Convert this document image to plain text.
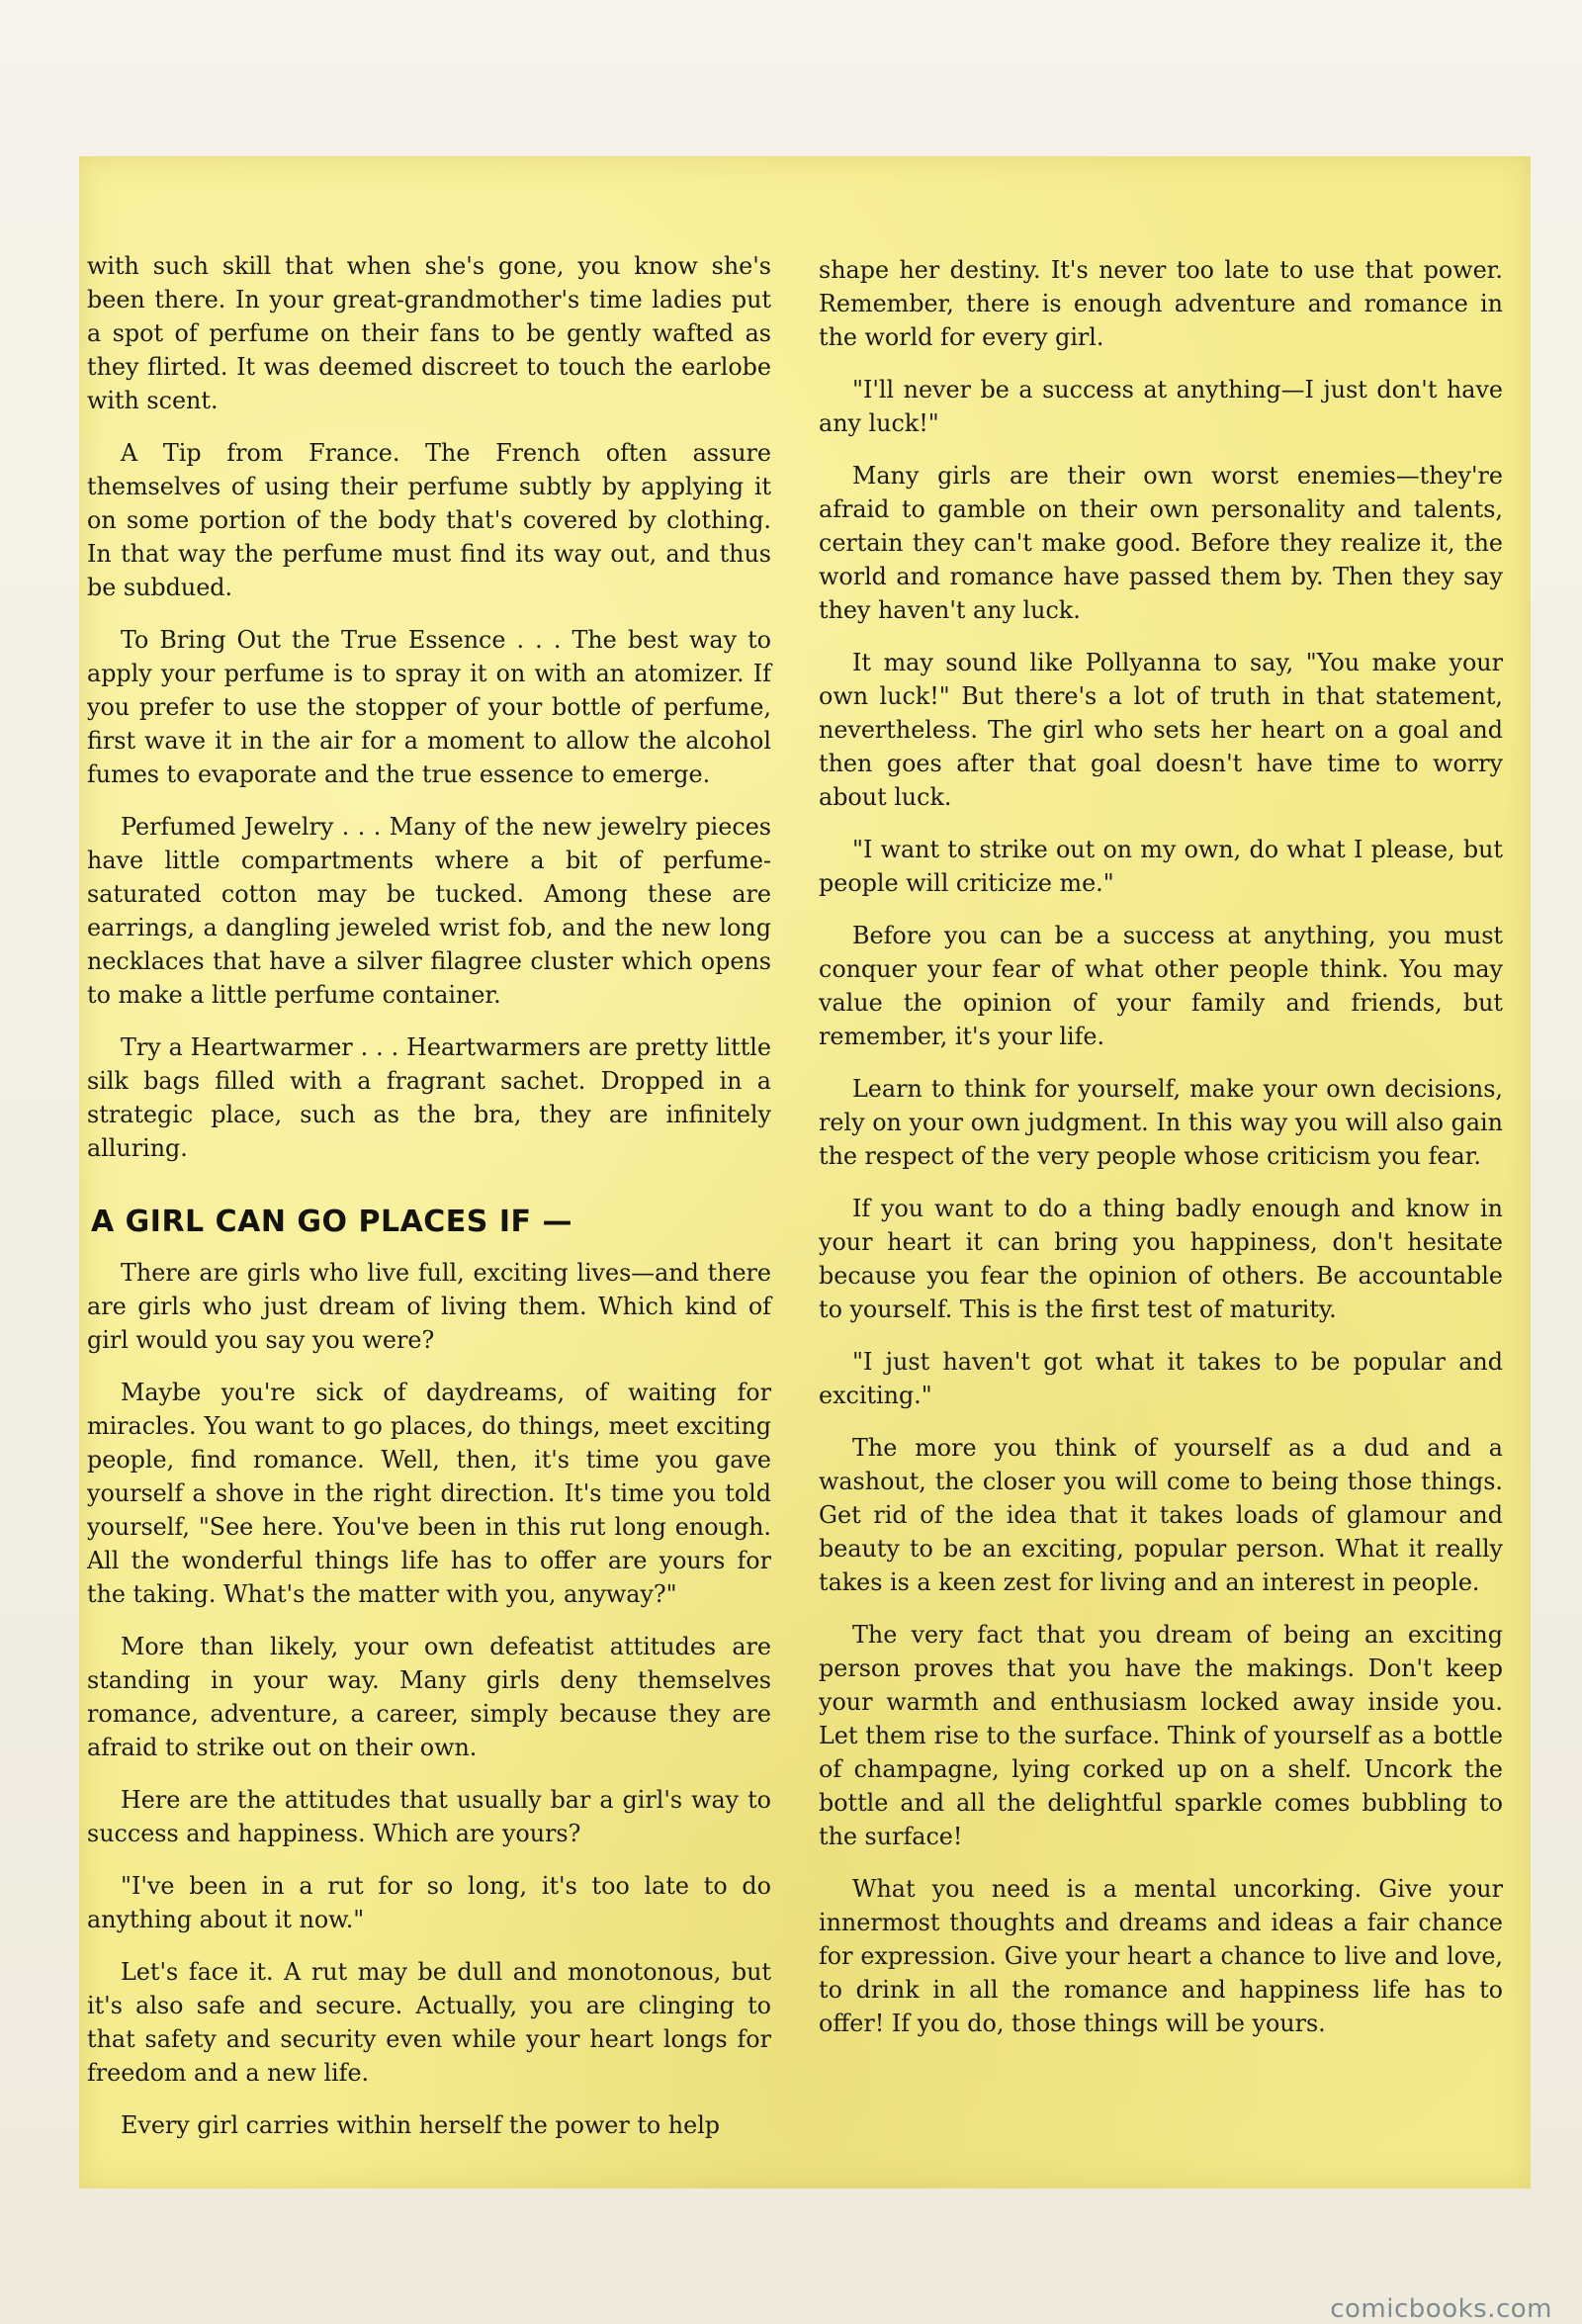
with such skill that when she's gone, you know she's been there. In your great-grandmother's time ladies put a spot of perfume on their fans to be gently wafted as they flirted. It was deemed discreet to touch the earlobe with scent.

A Tip from France. The French often assure themselves of using their perfume subtly by applying it on some portion of the body that's covered by clothing. In that way the perfume must find its way out, and thus be subdued.

To Bring Out the True Essence . . . The best way to apply your perfume is to spray it on with an atomizer. If you prefer to use the stopper of your bottle of perfume, first wave it in the air for a moment to allow the alcohol fumes to evaporate and the true essence to emerge.

Perfumed Jewelry . . . Many of the new jewelry pieces have little compartments where a bit of perfume-saturated cotton may be tucked. Among these are earrings, a dangling jeweled wrist fob, and the new long necklaces that have a silver filagree cluster which opens to make a little perfume container.

Try a Heartwarmer . . . Heartwarmers are pretty little silk bags filled with a fragrant sachet. Dropped in a strategic place, such as the bra, they are infinitely alluring.

A GIRL CAN GO PLACES IF —

There are girls who live full, exciting lives—and there are girls who just dream of living them. Which kind of girl would you say you were?

Maybe you're sick of daydreams, of waiting for miracles. You want to go places, do things, meet exciting people, find romance. Well, then, it's time you gave yourself a shove in the right direction. It's time you told yourself, "See here. You've been in this rut long enough. All the wonderful things life has to offer are yours for the taking. What's the matter with you, anyway?"

More than likely, your own defeatist attitudes are standing in your way. Many girls deny themselves romance, adventure, a career, simply because they are afraid to strike out on their own.

Here are the attitudes that usually bar a girl's way to success and happiness. Which are yours?

"I've been in a rut for so long, it's too late to do anything about it now."

Let's face it. A rut may be dull and monotonous, but it's also safe and secure. Actually, you are clinging to that safety and security even while your heart longs for freedom and a new life.

Every girl carries within herself the power to help

shape her destiny. It's never too late to use that power. Remember, there is enough adventure and romance in the world for every girl.

"I'll never be a success at anything—I just don't have any luck!"

Many girls are their own worst enemies—they're afraid to gamble on their own personality and talents, certain they can't make good. Before they realize it, the world and romance have passed them by. Then they say they haven't any luck.

It may sound like Pollyanna to say, "You make your own luck!" But there's a lot of truth in that statement, nevertheless. The girl who sets her heart on a goal and then goes after that goal doesn't have time to worry about luck.

"I want to strike out on my own, do what I please, but people will criticize me."

Before you can be a success at anything, you must conquer your fear of what other people think. You may value the opinion of your family and friends, but remember, it's your life.

Learn to think for yourself, make your own decisions, rely on your own judgment. In this way you will also gain the respect of the very people whose criticism you fear.

If you want to do a thing badly enough and know in your heart it can bring you happiness, don't hesitate because you fear the opinion of others. Be accountable to yourself. This is the first test of maturity.

"I just haven't got what it takes to be popular and exciting."

The more you think of yourself as a dud and a washout, the closer you will come to being those things. Get rid of the idea that it takes loads of glamour and beauty to be an exciting, popular person. What it really takes is a keen zest for living and an interest in people.

The very fact that you dream of being an exciting person proves that you have the makings. Don't keep your warmth and enthusiasm locked away inside you. Let them rise to the surface. Think of yourself as a bottle of champagne, lying corked up on a shelf. Uncork the bottle and all the delightful sparkle comes bubbling to the surface!

What you need is a mental uncorking. Give your innermost thoughts and dreams and ideas a fair chance for expression. Give your heart a chance to live and love, to drink in all the romance and happiness life has to offer! If you do, those things will be yours.

comicbooks.com
